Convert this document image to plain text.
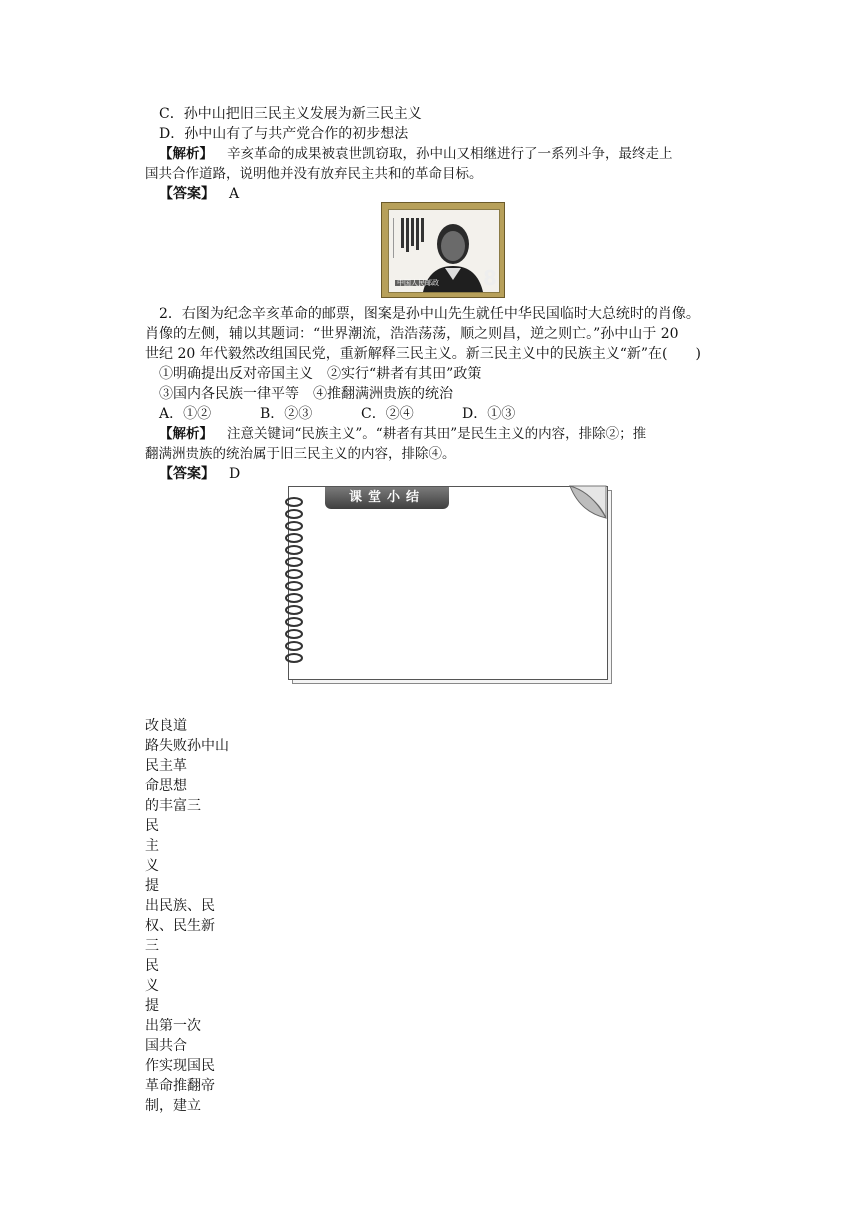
C．孙中山把旧三民主义发展为新三民主义
D．孙中山有了与共产党合作的初步想法
【解析】 辛亥革命的成果被袁世凯窃取，孙中山又相继进行了一系列斗争，最终走上
国共合作道路，说明他并没有放弃民主共和的革命目标。
【答案】 A
中国人民邮政 8
2．右图为纪念辛亥革命的邮票，图案是孙中山先生就任中华民国临时大总统时的肖像。
肖像的左侧，辅以其题词：“世界潮流，浩浩荡荡，顺之则昌，逆之则亡。”孙中山于 20
世纪 20 年代毅然改组国民党，重新解释三民主义。新三民主义中的民族主义“新”在(　　)
①明确提出反对帝国主义　②实行“耕者有其田”政策
③国内各民族一律平等　④推翻满洲贵族的统治
A．①②	B．②③	C．②④	D．①③
【解析】 注意关键词“民族主义”。“耕者有其田”是民生主义的内容，排除②；推
翻满洲贵族的统治属于旧三民主义的内容，排除④。
【答案】 D
课堂小结
改良道
路失败孙中山
民主革
命思想
的丰富三
民
主
义
提
出民族、民
权、民生新
三
民
义
提
出第一次
国共合
作实现国民
革命推翻帝
制，建立
